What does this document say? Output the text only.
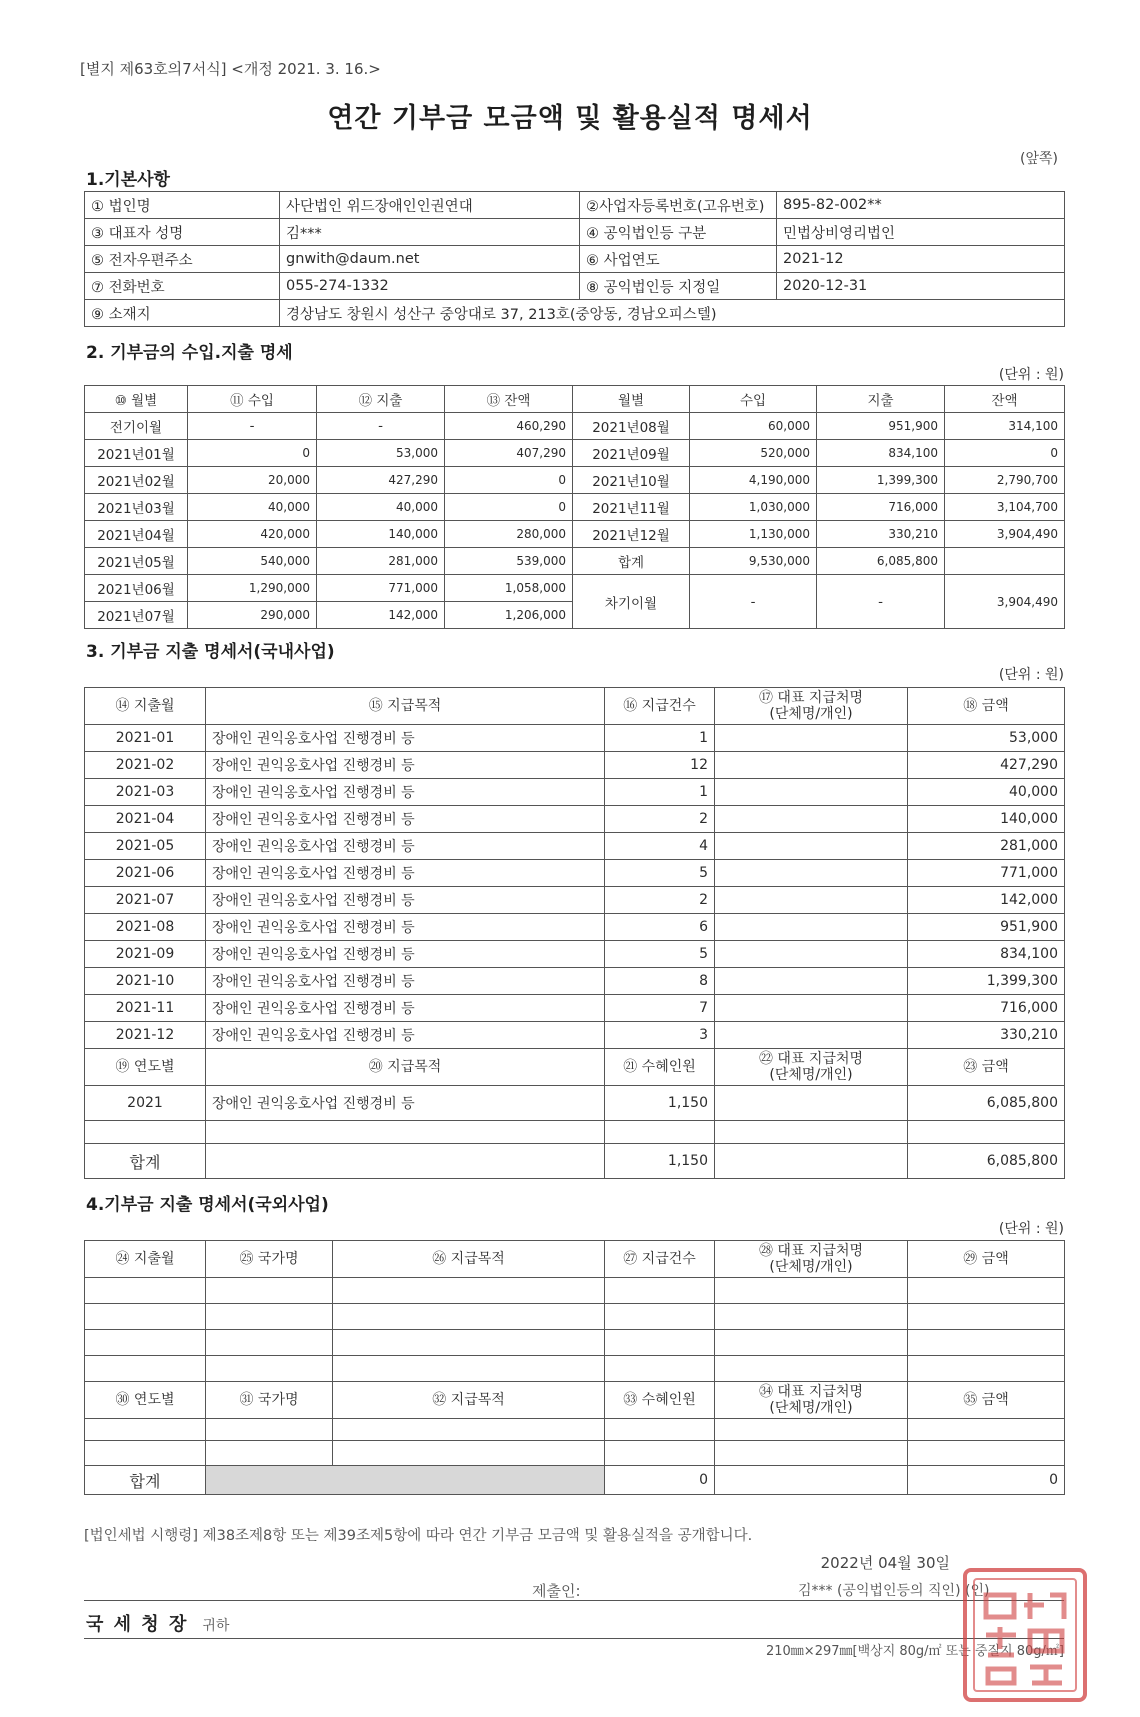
[별지 제63호의7서식] <개정 2021. 3. 16.>
연간 기부금 모금액 및 활용실적 명세서
(앞쪽)
1.기본사항
① 법인명	사단법인 위드장애인인권연대	②사업자등록번호(고유번호)	895-82-002**
③ 대표자 성명	김***	④ 공익법인등 구분	민법상비영리법인
⑤ 전자우편주소	gnwith@daum.net	⑥ 사업연도	2021-12
⑦ 전화번호	055-274-1332	⑧ 공익법인등 지정일	2020-12-31
⑨ 소재지	경상남도 창원시 성산구 중앙대로 37, 213호(중앙동, 경남오피스텔)		
2. 기부금의 수입.지출 명세
(단위 : 원)
⑩ 월별	⑪ 수입	⑫ 지출	⑬ 잔액	월별	수입	지출	잔액
전기이월	-	-	460,290	2021년08월	60,000	951,900	314,100
2021년01월	0	53,000	407,290	2021년09월	520,000	834,100	0
2021년02월	20,000	427,290	0	2021년10월	4,190,000	1,399,300	2,790,700
2021년03월	40,000	40,000	0	2021년11월	1,030,000	716,000	3,104,700
2021년04월	420,000	140,000	280,000	2021년12월	1,130,000	330,210	3,904,490
2021년05월	540,000	281,000	539,000	합계	9,530,000	6,085,800	
2021년06월	1,290,000	771,000	1,058,000	차기이월	-	-	3,904,490
2021년07월	290,000	142,000	1,206,000				
3. 기부금 지출 명세서(국내사업)
(단위 : 원)
⑭ 지출월	⑮ 지급목적	⑯ 지급건수	⑰ 대표 지급처명
(단체명/개인)	⑱ 금액
2021-01	장애인 권익옹호사업 진행경비 등	1		53,000
2021-02	장애인 권익옹호사업 진행경비 등	12		427,290
2021-03	장애인 권익옹호사업 진행경비 등	1		40,000
2021-04	장애인 권익옹호사업 진행경비 등	2		140,000
2021-05	장애인 권익옹호사업 진행경비 등	4		281,000
2021-06	장애인 권익옹호사업 진행경비 등	5		771,000
2021-07	장애인 권익옹호사업 진행경비 등	2		142,000
2021-08	장애인 권익옹호사업 진행경비 등	6		951,900
2021-09	장애인 권익옹호사업 진행경비 등	5		834,100
2021-10	장애인 권익옹호사업 진행경비 등	8		1,399,300
2021-11	장애인 권익옹호사업 진행경비 등	7		716,000
2021-12	장애인 권익옹호사업 진행경비 등	3		330,210
⑲ 연도별	⑳ 지급목적	㉑ 수혜인원	㉒ 대표 지급처명
(단체명/개인)	㉓ 금액
2021	장애인 권익옹호사업 진행경비 등	1,150		6,085,800

합계		1,150		6,085,800
4.기부금 지출 명세서(국외사업)
(단위 : 원)
㉔ 지출월	㉕ 국가명	㉖ 지급목적	㉗ 지급건수	㉘ 대표 지급처명
(단체명/개인)	㉙ 금액

㉚ 연도별	㉛ 국가명	㉜ 지급목적	㉝ 수혜인원	㉞ 대표 지급처명
(단체명/개인)	㉟ 금액

합계			0		0
[법인세법 시행령] 제38조제8항 또는 제39조제5항에 따라 연간 기부금 모금액 및 활용실적을 공개합니다.
2022년 04월 30일
제출인:	김*** (공익법인등의 직인) (인)
국 세 청 장 귀하
210㎜×297㎜[백상지 80g/㎡ 또는 중질지 80g/㎡]
